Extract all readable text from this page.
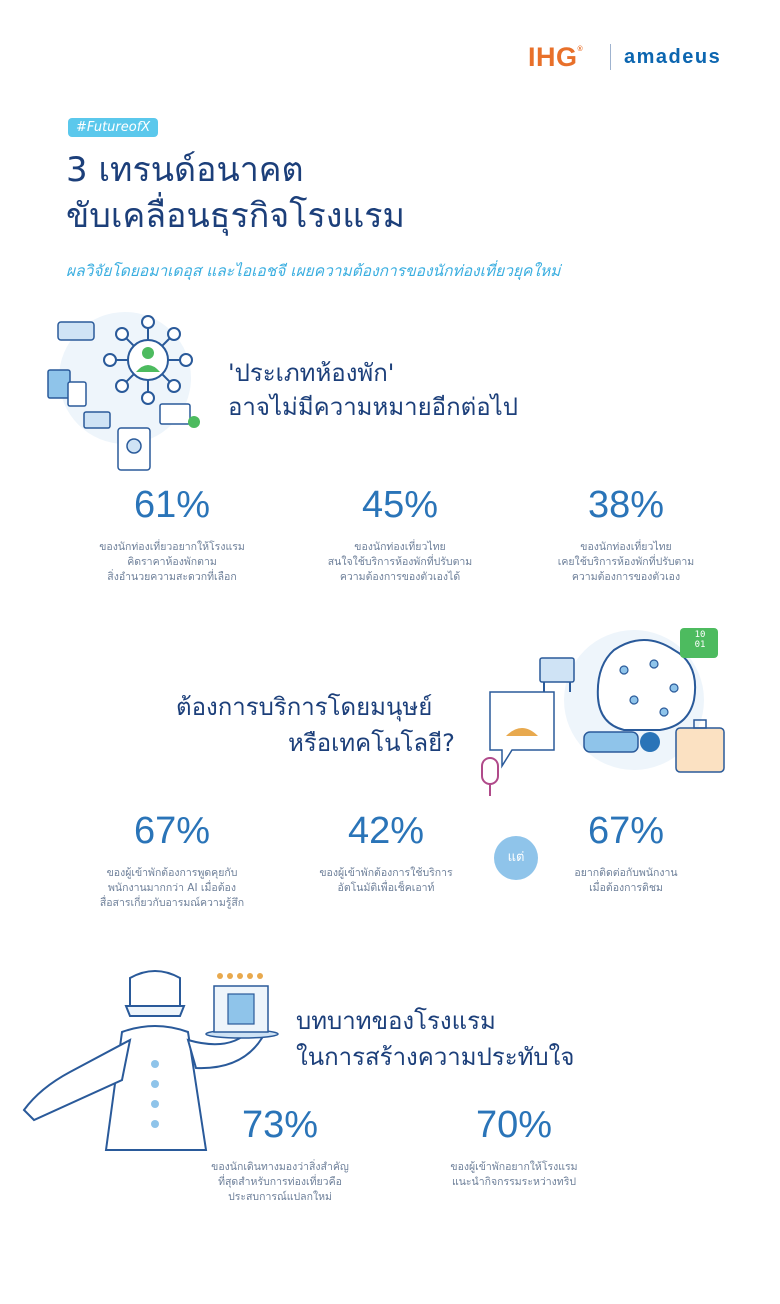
IHG® amadeus
#FutureofX
3 เทรนด์อนาคต
ขับเคลื่อนธุรกิจโรงแรม
ผลวิจัยโดยอมาเดอุส และไอเอชจี เผยความต้องการของนักท่องเที่ยวยุคใหม่
'ประเภทห้องพัก'
อาจไม่มีความหมายอีกต่อไป
61%
ของนักท่องเที่ยวอยากให้โรงแรม
คิดราคาห้องพักตาม
สิ่งอำนวยความสะดวกที่เลือก
45%
ของนักท่องเที่ยวไทย
สนใจใช้บริการห้องพักที่ปรับตาม
ความต้องการของตัวเองได้
38%
ของนักท่องเที่ยวไทย
เคยใช้บริการห้องพักที่ปรับตาม
ความต้องการของตัวเอง
ต้องการบริการโดยมนุษย์
หรือเทคโนโลยี?
10
01
67%
ของผู้เข้าพักต้องการพูดคุยกับ
พนักงานมากกว่า AI เมื่อต้อง
สื่อสารเกี่ยวกับอารมณ์ความรู้สึก
42%
ของผู้เข้าพักต้องการใช้บริการ
อัตโนมัติเพื่อเช็คเอาท์
แต่
67%
อยากติดต่อกับพนักงาน
เมื่อต้องการติชม
บทบาทของโรงแรม
ในการสร้างความประทับใจ
73%
ของนักเดินทางมองว่าสิ่งสำคัญ
ที่สุดสำหรับการท่องเที่ยวคือ
ประสบการณ์แปลกใหม่
70%
ของผู้เข้าพักอยากให้โรงแรม
แนะนำกิจกรรมระหว่างทริป
